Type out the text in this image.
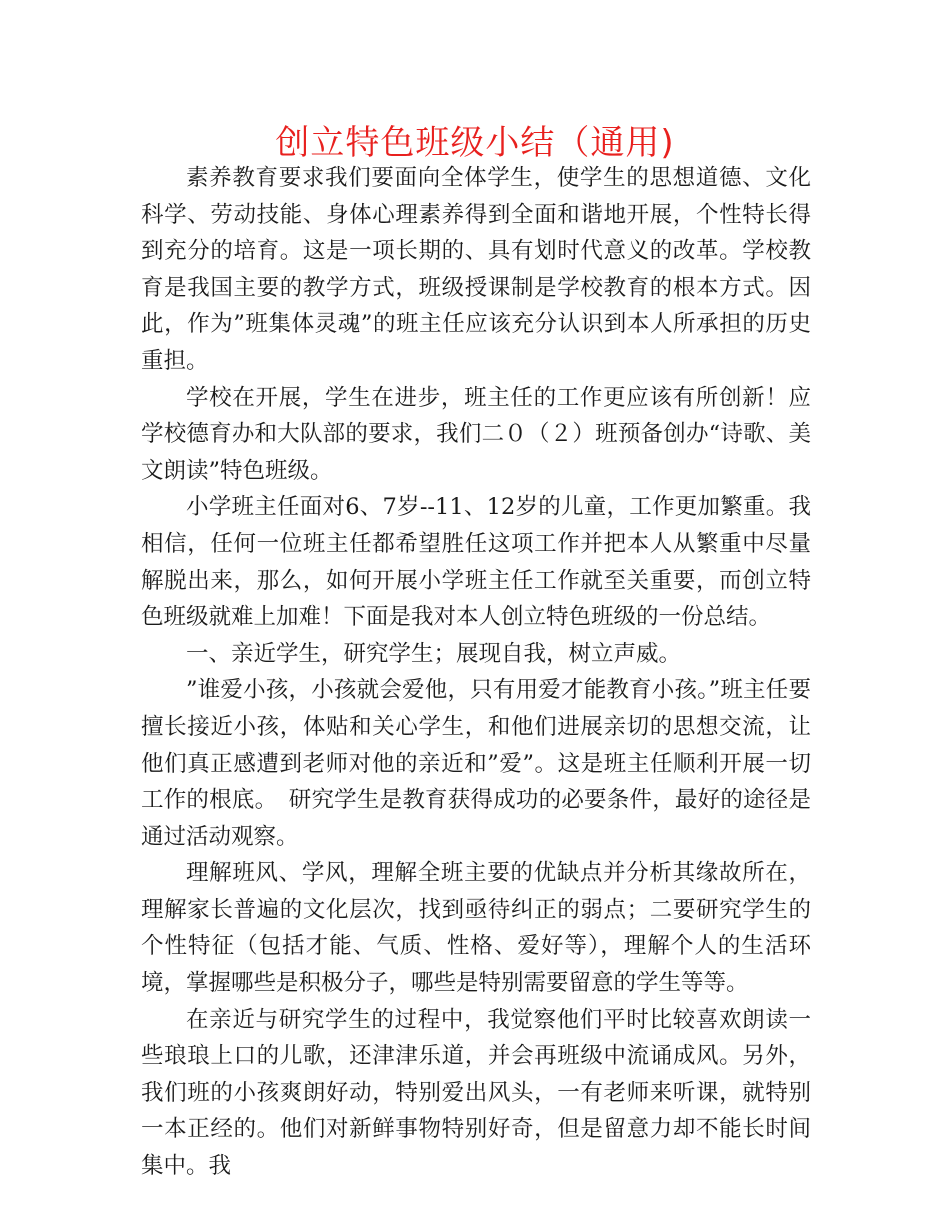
创立特色班级小结（通用)

素养教育要求我们要面向全体学生，使学生的思想道德、文化科学、劳动技能、身体心理素养得到全面和谐地开展，个性特长得到充分的培育。这是一项长期的、具有划时代意义的改革。学校教育是我国主要的教学方式，班级授课制是学校教育的根本方式。因此，作为”班集体灵魂”的班主任应该充分认识到本人所承担的历史重担。

学校在开展，学生在进步，班主任的工作更应该有所创新！应学校德育办和大队部的要求，我们二０（２）班预备创办“诗歌、美文朗读”特色班级。

小学班主任面对6、7岁--11、12岁的儿童，工作更加繁重。我相信，任何一位班主任都希望胜任这项工作并把本人从繁重中尽量解脱出来，那么，如何开展小学班主任工作就至关重要，而创立特色班级就难上加难！下面是我对本人创立特色班级的一份总结。

一、亲近学生，研究学生；展现自我，树立声威。

”谁爱小孩，小孩就会爱他，只有用爱才能教育小孩。”班主任要擅长接近小孩，体贴和关心学生，和他们进展亲切的思想交流，让他们真正感遭到老师对他的亲近和”爱”。这是班主任顺利开展一切工作的根底。　研究学生是教育获得成功的必要条件，最好的途径是通过活动观察。

理解班风、学风，理解全班主要的优缺点并分析其缘故所在，理解家长普遍的文化层次，找到亟待纠正的弱点；二要研究学生的个性特征（包括才能、气质、性格、爱好等），理解个人的生活环境，掌握哪些是积极分子，哪些是特别需要留意的学生等等。

在亲近与研究学生的过程中，我觉察他们平时比较喜欢朗读一些琅琅上口的儿歌，还津津乐道，并会再班级中流诵成风。另外，我们班的小孩爽朗好动，特别爱出风头，一有老师来听课，就特别一本正经的。他们对新鲜事物特别好奇，但是留意力却不能长时间集中。我
